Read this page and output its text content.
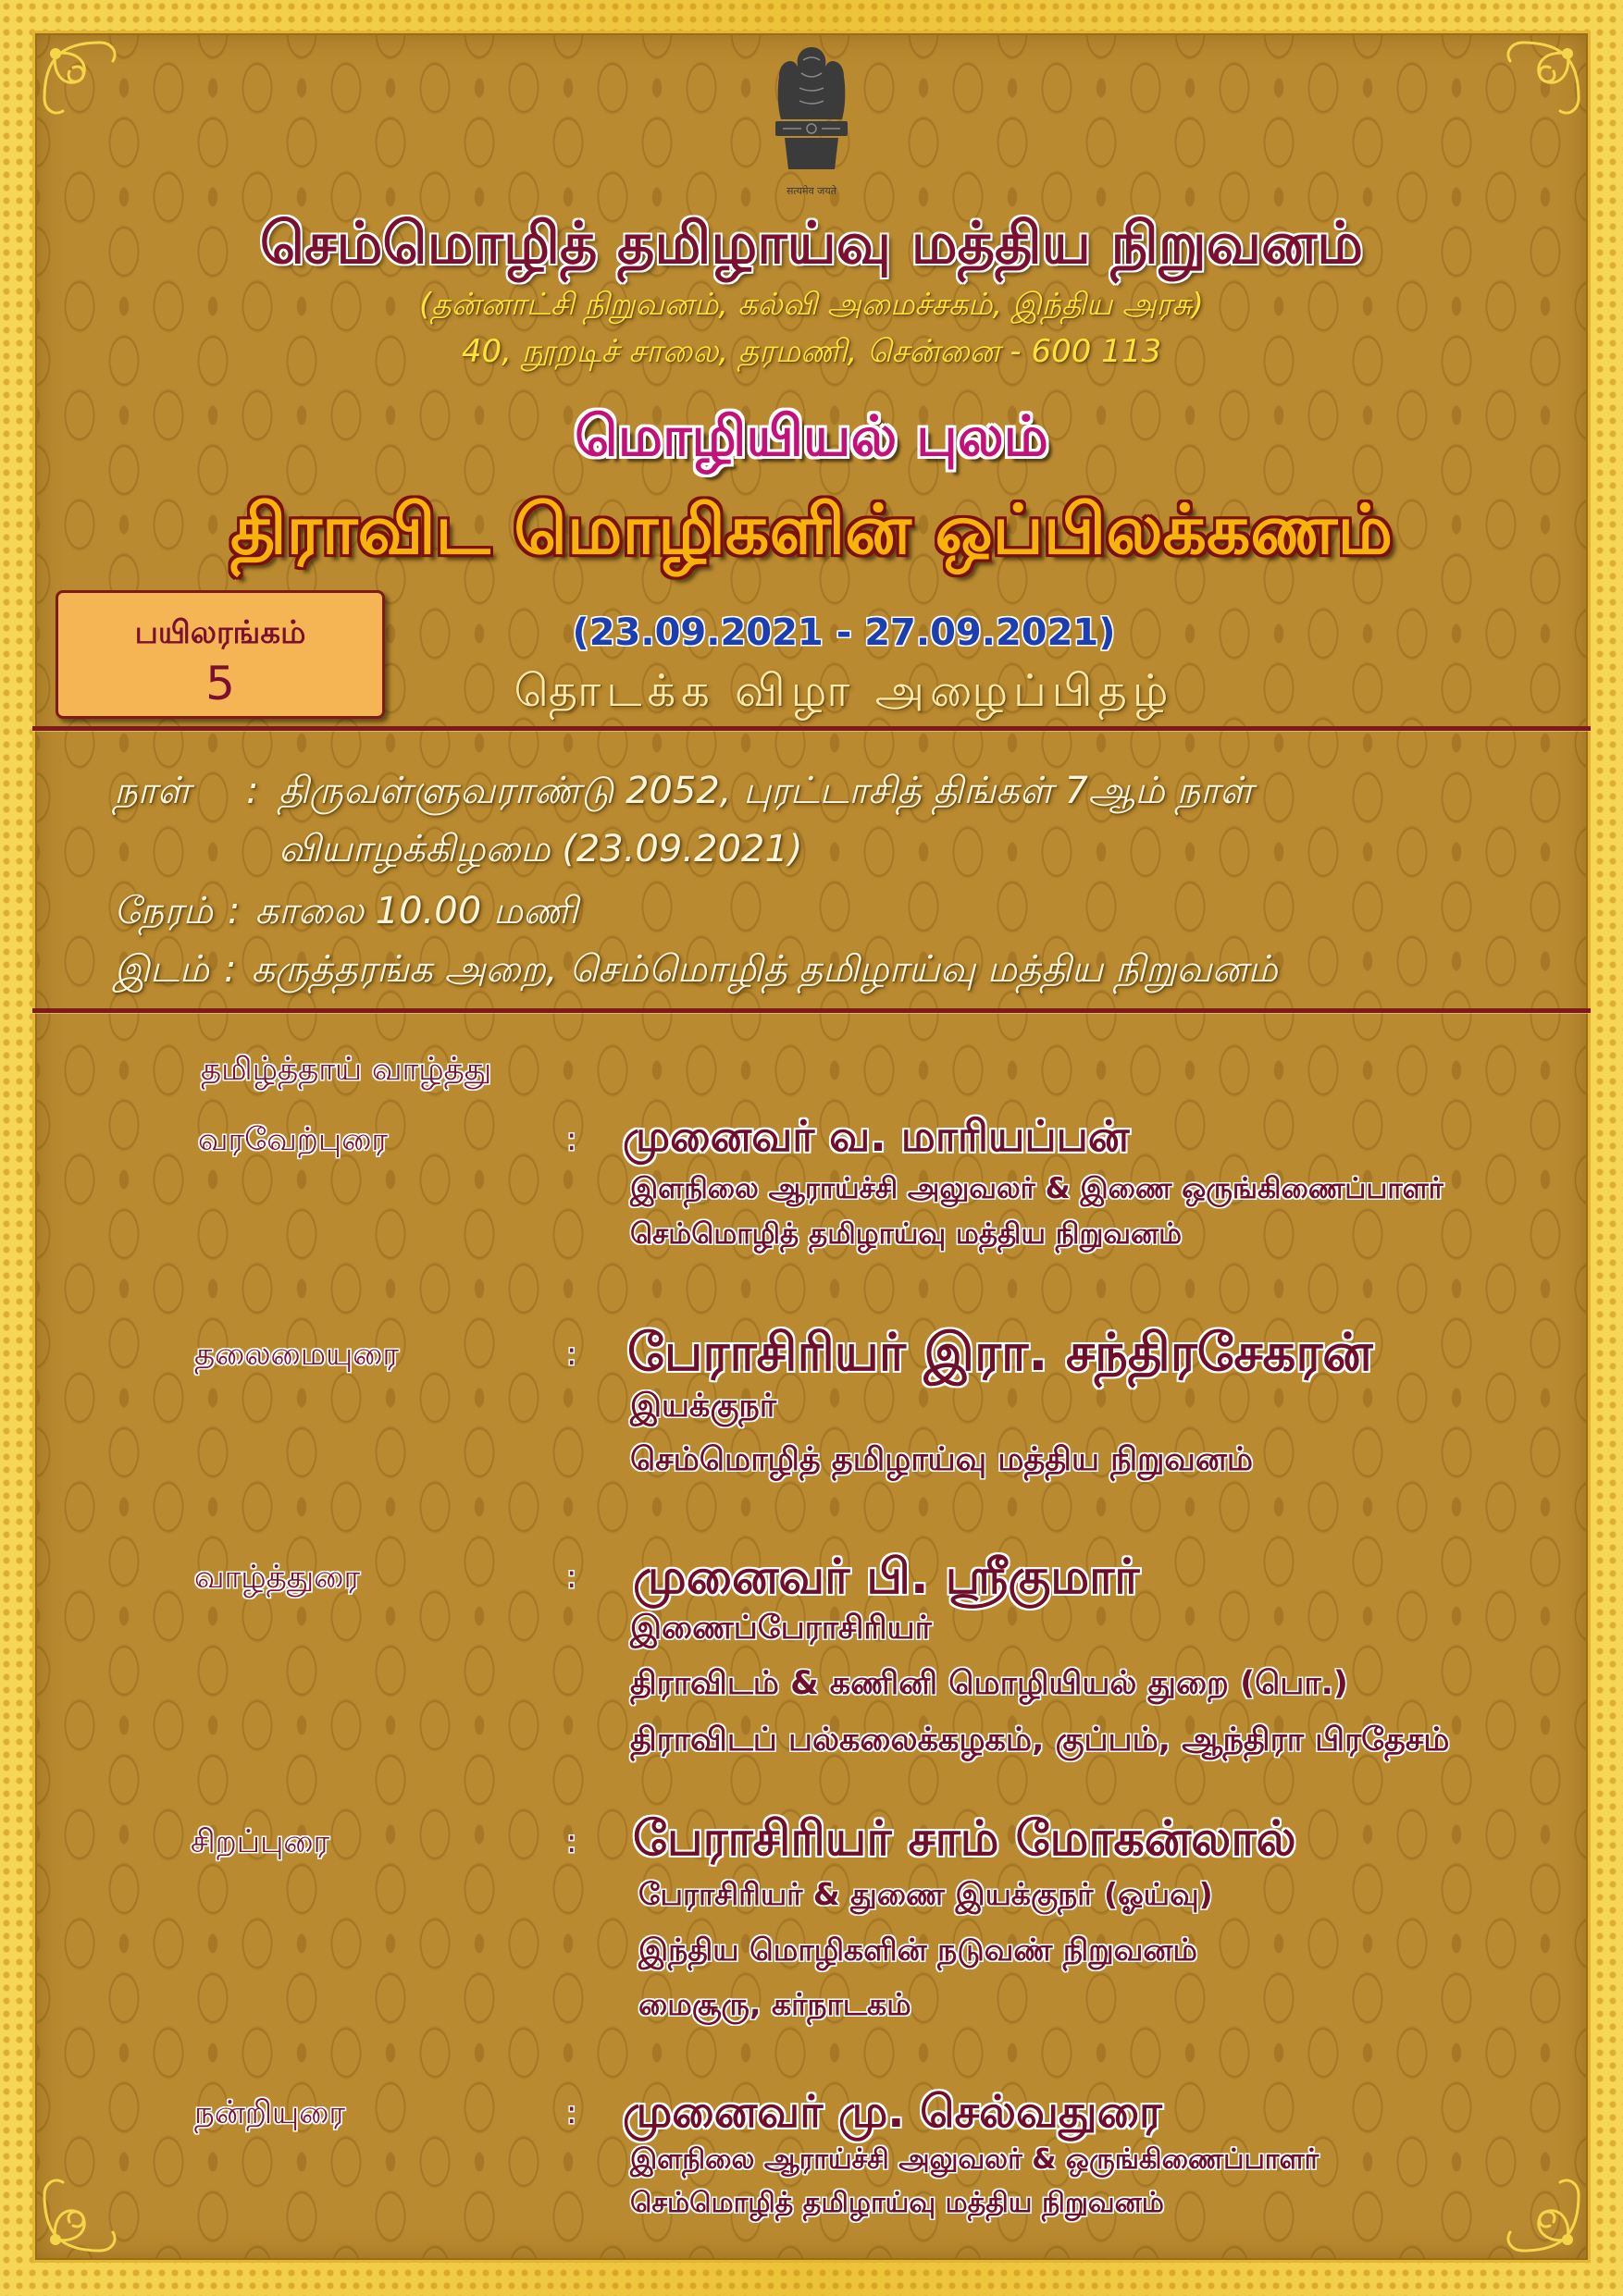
सत्यमेव जयते
செம்மொழித் தமிழாய்வு மத்திய நிறுவனம்
(தன்னாட்சி நிறுவனம், கல்வி அமைச்சகம், இந்திய அரசு)
40, நூறடிச் சாலை, தரமணி, சென்னை - 600 113
மொழியியல் புலம்
திராவிட மொழிகளின் ஒப்பிலக்கணம்
பயிலரங்கம்
5
(23.09.2021 - 27.09.2021)
தொடக்க விழா அழைப்பிதழ்
நாள் : திருவள்ளுவராண்டு 2052, புரட்டாசித் திங்கள் 7ஆம் நாள்
வியாழக்கிழமை (23.09.2021)
நேரம் : காலை 10.00 மணி
இடம் : கருத்தரங்க அறை, செம்மொழித் தமிழாய்வு மத்திய நிறுவனம்
தமிழ்த்தாய் வாழ்த்து
வரவேற்புரை	: முனைவர் வ. மாரியப்பன்
இளநிலை ஆராய்ச்சி அலுவலர் & இணை ஒருங்கிணைப்பாளர்
செம்மொழித் தமிழாய்வு மத்திய நிறுவனம்
தலைமையுரை	: பேராசிரியர் இரா. சந்திரசேகரன்
இயக்குநர்
செம்மொழித் தமிழாய்வு மத்திய நிறுவனம்
வாழ்த்துரை	: முனைவர் பி. ஸ்ரீகுமார்
இணைப்பேராசிரியர்
திராவிடம் & கணினி மொழியியல் துறை (பொ.)
திராவிடப் பல்கலைக்கழகம், குப்பம், ஆந்திரா பிரதேசம்
சிறப்புரை	: பேராசிரியர் சாம் மோகன்லால்
பேராசிரியர் & துணை இயக்குநர் (ஓய்வு)
இந்திய மொழிகளின் நடுவண் நிறுவனம்
மைசூரு, கர்நாடகம்
நன்றியுரை	: முனைவர் மு. செல்வதுரை
இளநிலை ஆராய்ச்சி அலுவலர் & ஒருங்கிணைப்பாளர்
செம்மொழித் தமிழாய்வு மத்திய நிறுவனம்
